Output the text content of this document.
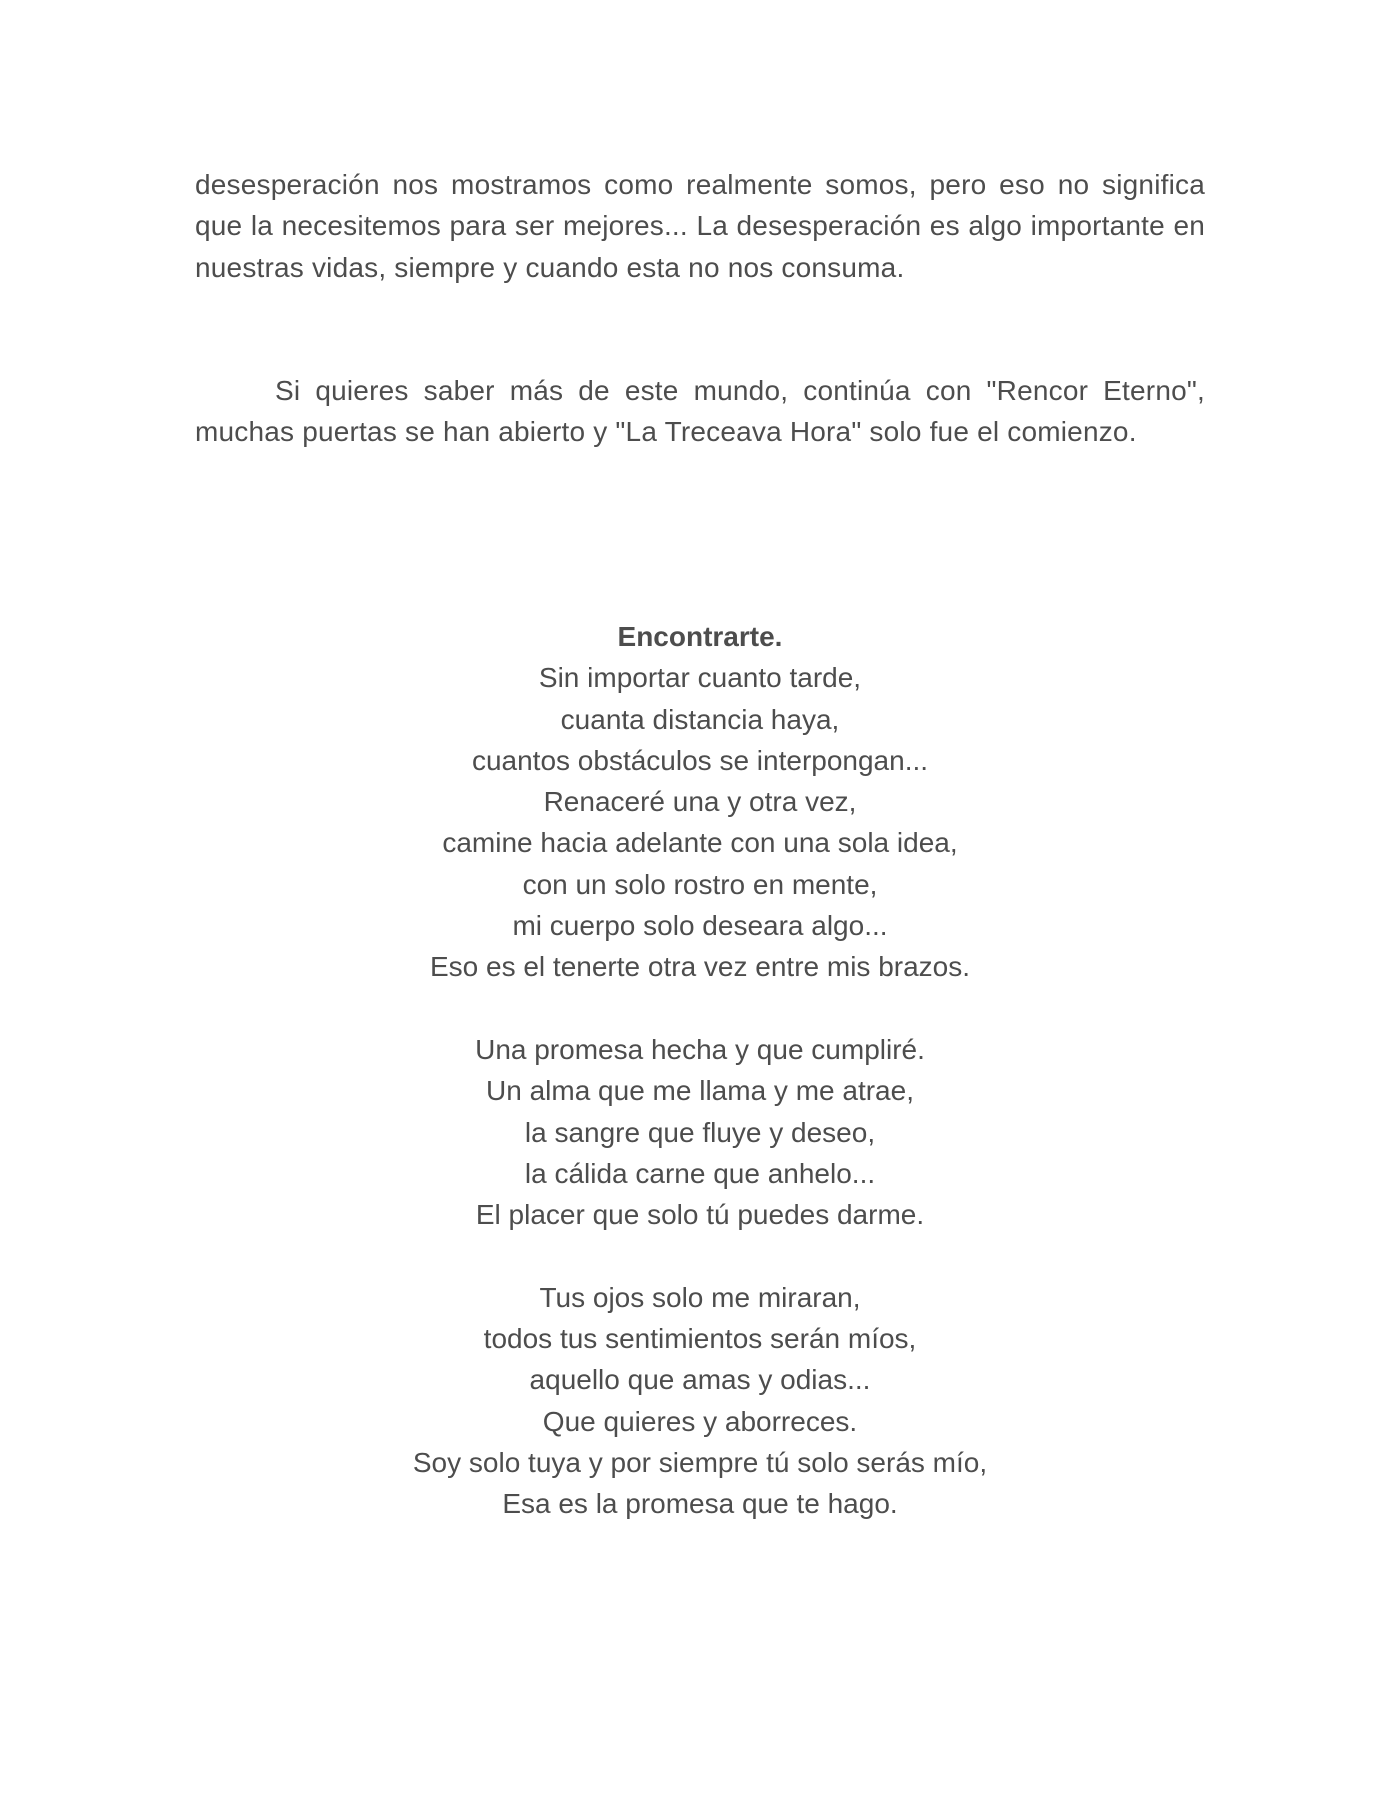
desesperación nos mostramos como realmente somos, pero eso no significa que la necesitemos para ser mejores... La desesperación es algo importante en nuestras vidas, siempre y cuando esta no nos consuma.

Si quieres saber más de este mundo, continúa con "Rencor Eterno", muchas puertas se han abierto y "La Treceava Hora" solo fue el comienzo.

Encontrarte.

Sin importar cuanto tarde,
cuanta distancia haya,
cuantos obstáculos se interpongan...
Renaceré una y otra vez,
camine hacia adelante con una sola idea,
con un solo rostro en mente,
mi cuerpo solo deseara algo...
Eso es el tenerte otra vez entre mis brazos.
Una promesa hecha y que cumpliré.
Un alma que me llama y me atrae,
la sangre que fluye y deseo,
la cálida carne que anhelo...
El placer que solo tú puedes darme.
Tus ojos solo me miraran,
todos tus sentimientos serán míos,
aquello que amas y odias...
Que quieres y aborreces.
Soy solo tuya y por siempre tú solo serás mío,
Esa es la promesa que te hago.
